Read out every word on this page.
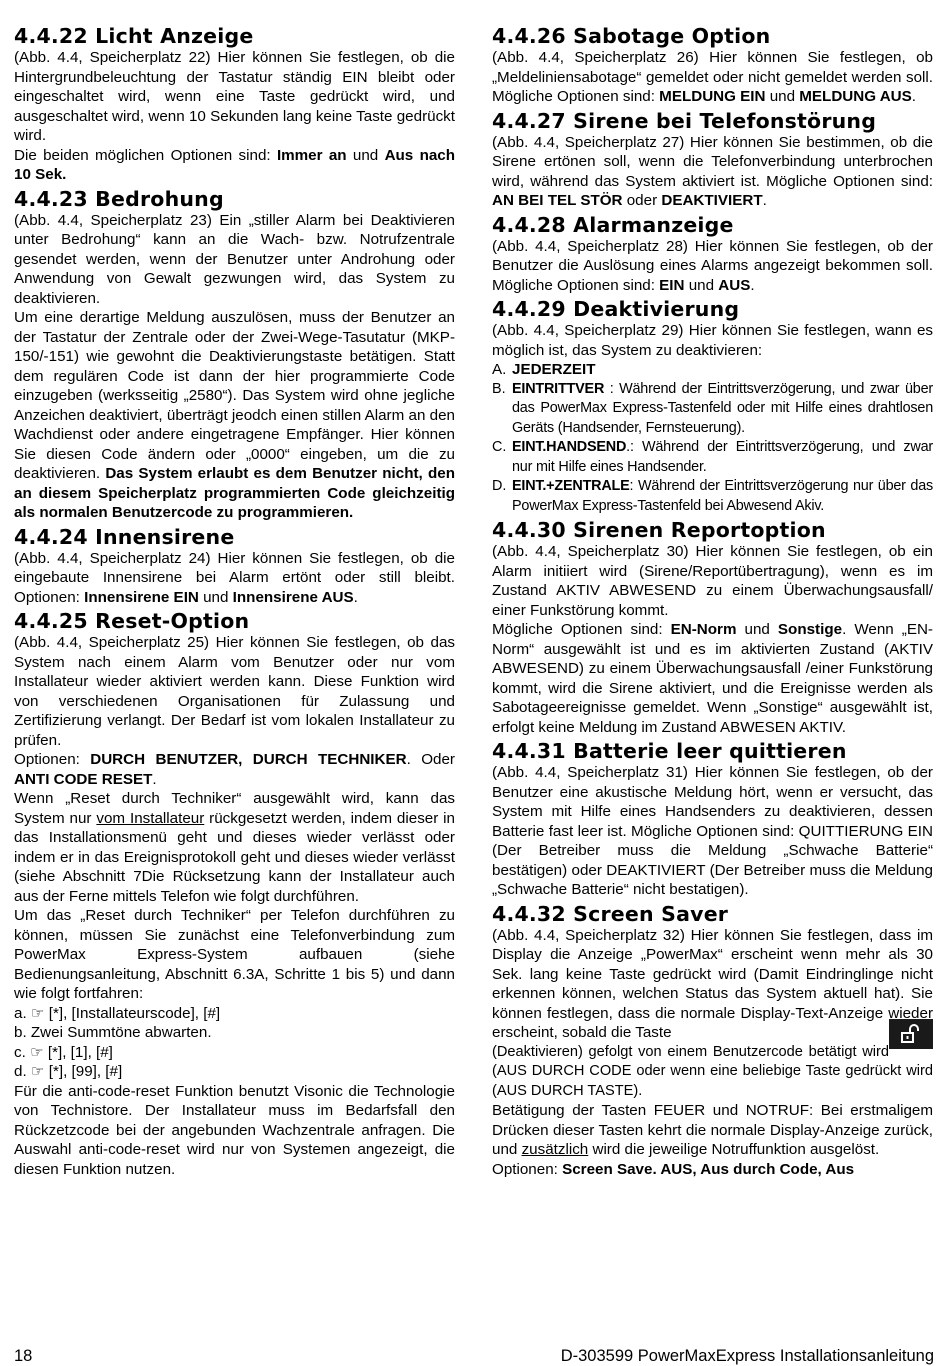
4.4.22 Licht Anzeige

(Abb. 4.4, Speicherplatz 22) Hier können Sie festlegen, ob die Hintergrundbeleuchtung der Tastatur ständig EIN bleibt oder eingeschaltet wird, wenn eine Taste gedrückt wird, und ausgeschaltet wird, wenn 10 Sekunden lang keine Taste gedrückt wird.

Die beiden möglichen Optionen sind: Immer an und Aus nach 10 Sek.

4.4.23 Bedrohung

(Abb. 4.4, Speicherplatz 23) Ein „stiller Alarm bei Deaktivieren unter Bedrohung“ kann an die Wach- bzw. Notrufzentrale gesendet werden, wenn der Benutzer unter Androhung oder Anwendung von Gewalt gezwungen wird, das System zu deaktivieren.

Um eine derartige Meldung auszulösen, muss der Benutzer an der Tastatur der Zentrale oder der Zwei-Wege-Tasutatur (MKP-150/-151) wie gewohnt die Deaktivierungstaste betätigen. Statt dem regulären Code ist dann der hier programmierte Code einzugeben (werksseitig „2580“). Das System wird ohne jegliche Anzeichen deaktiviert, überträgt jeodch einen stillen Alarm an den Wachdienst oder andere eingetragene Empfänger. Hier können Sie diesen Code ändern oder „0000“ eingeben, um die zu deaktivieren. Das System erlaubt es dem Benutzer nicht, den an diesem Speicherplatz programmierten Code gleichzeitig als normalen Benutzercode zu programmieren.

4.4.24 Innensirene

(Abb. 4.4, Speicherplatz 24) Hier können Sie festlegen, ob die eingebaute Innensirene bei Alarm ertönt oder still bleibt. Optionen: Innensirene EIN und Innensirene AUS.

4.4.25 Reset-Option

(Abb. 4.4, Speicherplatz 25) Hier können Sie festlegen, ob das System nach einem Alarm vom Benutzer oder nur vom Installateur wieder aktiviert werden kann. Diese Funktion wird von verschiedenen Organisationen für Zulassung und Zertifizierung verlangt. Der Bedarf ist vom lokalen Installateur zu prüfen.

Optionen: DURCH BENUTZER, DURCH TECHNIKER. Oder ANTI CODE RESET.

Wenn „Reset durch Techniker“ ausgewählt wird, kann das System nur vom Installateur rückgesetzt werden, indem dieser in das Installationsmenü geht und dieses wieder verlässt oder indem er in das Ereignisprotokoll geht und dieses wieder verlässt (siehe Abschnitt 7Die Rücksetzung kann der Installateur auch aus der Ferne mittels Telefon wie folgt durchführen.

Um das „Reset durch Techniker“ per Telefon durchführen zu können, müssen Sie zunächst eine Telefonverbindung zum PowerMax Express-System aufbauen (siehe Bedienungsanleitung, Abschnitt 6.3A, Schritte 1 bis 5) und dann wie folgt fortfahren:

a.
☞ [*], [Installateurscode], [#]
b.
Zwei Summtöne abwarten.
c.
☞ [*], [1], [#]
d.
☞ [*], [99], [#]

Für die anti-code-reset Funktion benutzt Visonic die Technologie von Technistore. Der Installateur muss im Bedarfsfall den Rückzetzcode bei der angebunden Wachzentrale anfragen. Die Auswahl anti-code-reset wird nur von Systemen angezeigt, die diesen Funktion nutzen.

4.4.26 Sabotage Option

(Abb. 4.4, Speicherplatz 26) Hier können Sie festlegen, ob „Meldeliniensabotage“ gemeldet oder nicht gemeldet werden soll. Mögliche Optionen sind: MELDUNG EIN und MELDUNG AUS.

4.4.27 Sirene bei Telefonstörung

(Abb. 4.4, Speicherplatz 27) Hier können Sie bestimmen, ob die Sirene ertönen soll, wenn die Telefonverbindung unterbrochen wird, während das System aktiviert ist. Mögliche Optionen sind: AN BEI TEL STÖR oder DEAKTIVIERT.

4.4.28 Alarmanzeige

(Abb. 4.4, Speicherplatz 28) Hier können Sie festlegen, ob der Benutzer die Auslösung eines Alarms angezeigt bekommen soll. Mögliche Optionen sind: EIN und AUS.

4.4.29 Deaktivierung

(Abb. 4.4, Speicherplatz 29) Hier können Sie festlegen, wann es möglich ist, das System zu deaktivieren:

A. JEDERZEIT
B. EINTRITTVER : Während der Eintrittsverzögerung, und zwar über das PowerMax Express-Tastenfeld oder mit Hilfe eines drahtlosen Geräts (Handsender, Fernsteuerung).
C. EINT.HANDSEND.: Während der Eintrittsverzögerung, und zwar nur mit Hilfe eines Handsender.
D. EINT.+ZENTRALE: Während der Eintrittsverzögerung nur über das PowerMax Express-Tastenfeld bei Abwesend Akiv.
4.4.30 Sirenen Reportoption

(Abb. 4.4, Speicherplatz 30) Hier können Sie festlegen, ob ein Alarm initiiert wird (Sirene/Reportübertragung), wenn es im Zustand AKTIV ABWESEND zu einem Überwachungsausfall/ einer Funkstörung kommt.

Mögliche Optionen sind: EN-Norm und Sonstige. Wenn „EN-Norm“ ausgewählt ist und es im aktivierten Zustand (AKTIV ABWESEND) zu einem Überwachungsausfall /einer Funkstörung kommt, wird die Sirene aktiviert, und die Ereignisse werden als Sabotageereignisse gemeldet. Wenn „Sonstige“ ausgewählt ist, erfolgt keine Meldung im Zustand ABWESEN AKTIV.

4.4.31 Batterie leer quittieren

(Abb. 4.4, Speicherplatz 31) Hier können Sie festlegen, ob der Benutzer eine akustische Meldung hört, wenn er versucht, das System mit Hilfe eines Handsenders zu deaktivieren, dessen Batterie fast leer ist. Mögliche Optionen sind: QUITTIERUNG EIN (Der Betreiber muss die Meldung „Schwache Batterie“ bestätigen) oder DEAKTIVIERT (Der Betreiber muss die Meldung „Schwache Batterie“ nicht bestatigen).

4.4.32 Screen Saver

(Abb. 4.4, Speicherplatz 32) Hier können Sie festlegen, dass im Display die Anzeige „PowerMax“ erscheint wenn mehr als 30 Sek. lang keine Taste gedrückt wird (Damit Eindringlinge nicht erkennen können, welchen Status das System aktuell hat). Sie können festlegen, dass die normale Display-Text-Anzeige wieder erscheint, sobald die Taste

(Deaktivieren) gefolgt von einem Benutzercode betätigt wird (AUS DURCH CODE oder wenn eine beliebige Taste gedrückt wird (AUS DURCH TASTE).

Betätigung der Tasten FEUER und NOTRUF: Bei erstmaligem Drücken dieser Tasten kehrt die normale Display-Anzeige zurück, und zusätzlich wird die jeweilige Notruffunktion ausgelöst.

Optionen: Screen Save. AUS, Aus durch Code, Aus

18	D-303599 PowerMaxExpress Installationsanleitung
